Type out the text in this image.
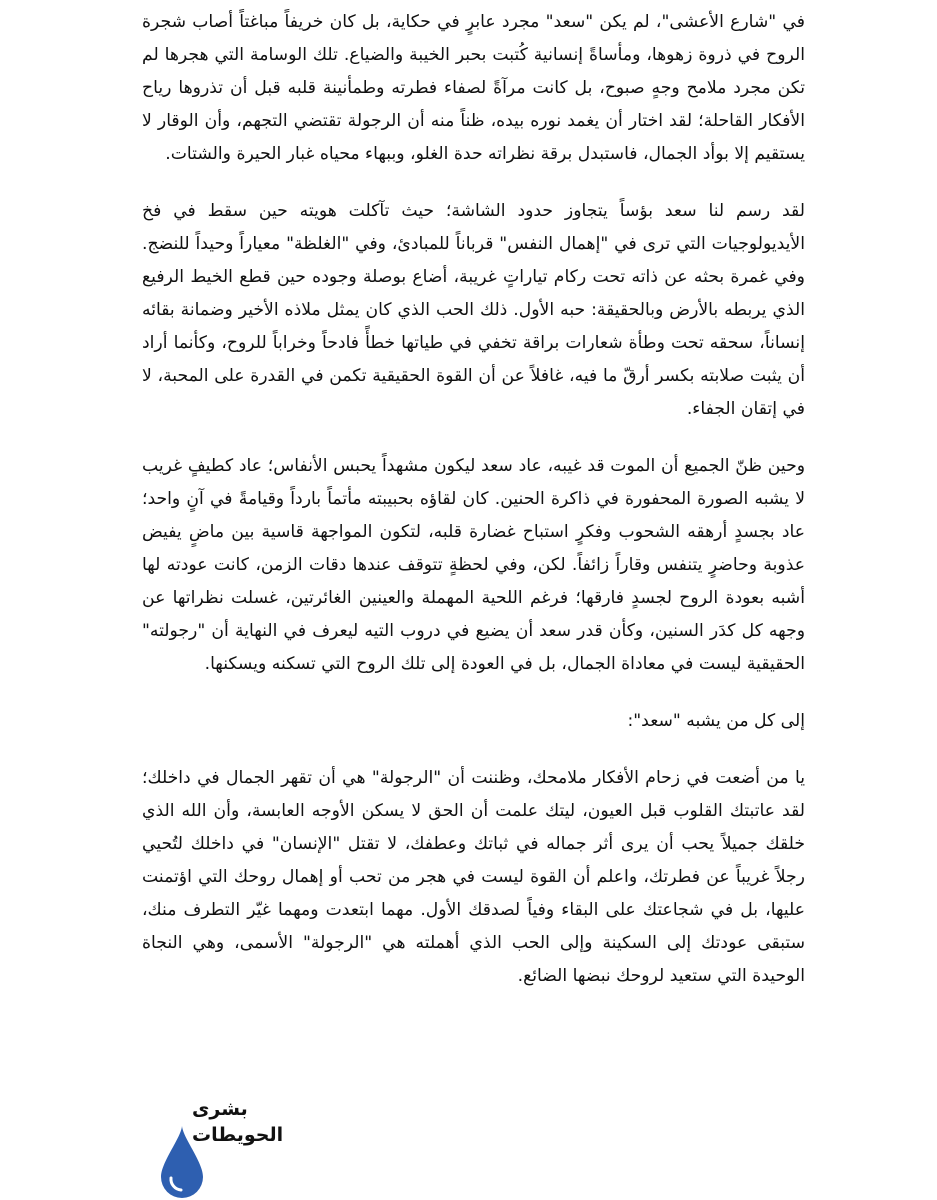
في "شارع الأعشى"، لم يكن "سعد" مجرد عابرٍ في حكاية، بل كان خريفاً مباغتاً أصاب شجرة الروح في ذروة زهوها، ومأساةً إنسانية كُتبت بحبر الخيبة والضياع. تلك الوسامة التي هجرها لم تكن مجرد ملامح وجهٍ صبوح، بل كانت مرآةً لصفاء فطرته وطمأنينة قلبه قبل أن تذروها رياح الأفكار القاحلة؛ لقد اختار أن يغمد نوره بيده، ظناً منه أن الرجولة تقتضي التجهم، وأن الوقار لا يستقيم إلا بوأد الجمال، فاستبدل برقة نظراته حدة الغلو، وببهاء محياه غبار الحيرة والشتات.

لقد رسم لنا سعد بؤساً يتجاوز حدود الشاشة؛ حيث تآكلت هويته حين سقط في فخ الأيديولوجيات التي ترى في "إهمال النفس" قرباناً للمبادئ، وفي "الغلظة" معياراً وحيداً للنضج. وفي غمرة بحثه عن ذاته تحت ركام تياراتٍ غريبة، أضاع بوصلة وجوده حين قطع الخيط الرفيع الذي يربطه بالأرض وبالحقيقة: حبه الأول. ذلك الحب الذي كان يمثل ملاذه الأخير وضمانة بقائه إنساناً، سحقه تحت وطأة شعارات براقة تخفي في طياتها خطأً فادحاً وخراباً للروح، وكأنما أراد أن يثبت صلابته بكسر أرقّ ما فيه، غافلاً عن أن القوة الحقيقية تكمن في القدرة على المحبة، لا في إتقان الجفاء.

وحين ظنّ الجميع أن الموت قد غيبه، عاد سعد ليكون مشهداً يحبس الأنفاس؛ عاد كطيفٍ غريب لا يشبه الصورة المحفورة في ذاكرة الحنين. كان لقاؤه بحبيبته مأتماً بارداً وقيامةً في آنٍ واحد؛ عاد بجسدٍ أرهقه الشحوب وفكرٍ استباح غضارة قلبه، لتكون المواجهة قاسية بين ماضٍ يفيض عذوبة وحاضرٍ يتنفس وقاراً زائفاً. لكن، وفي لحظةٍ تتوقف عندها دقات الزمن، كانت عودته لها أشبه بعودة الروح لجسدٍ فارقها؛ فرغم اللحية المهملة والعينين الغائرتين، غسلت نظراتها عن وجهه كل كدَر السنين، وكأن قدر سعد أن يضيع في دروب التيه ليعرف في النهاية أن "رجولته" الحقيقية ليست في معاداة الجمال، بل في العودة إلى تلك الروح التي تسكنه ويسكنها.

إلى كل من يشبه "سعد":

يا من أضعت في زحام الأفكار ملامحك، وظننت أن "الرجولة" هي أن تقهر الجمال في داخلك؛ لقد عاتبتك القلوب قبل العيون، ليتك علمت أن الحق لا يسكن الأوجه العابسة، وأن الله الذي خلقك جميلاً يحب أن يرى أثر جماله في ثباتك وعطفك، لا تقتل "الإنسان" في داخلك لتُحيي رجلاً غريباً عن فطرتك، واعلم أن القوة ليست في هجر من تحب أو إهمال روحك التي اؤتمنت عليها، بل في شجاعتك على البقاء وفياً لصدقك الأول. مهما ابتعدت ومهما غيّر التطرف منك، ستبقى عودتك إلى السكينة وإلى الحب الذي أهملته هي "الرجولة" الأسمى، وهي النجاة الوحيدة التي ستعيد لروحك نبضها الضائع.

بشرى الحويطات
